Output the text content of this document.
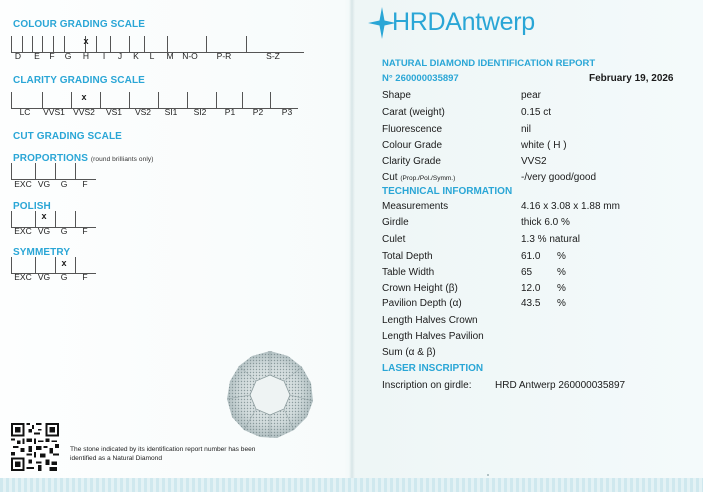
COLOUR GRADING SCALE
x
D E F G H I J K L M N-O P-R	S-Z
CLARITY GRADING SCALE
x
LC VVS1 VVS2 VS1 VS2 SI1 SI2 P1 P2 P3
CUT GRADING SCALE
PROPORTIONS (round brilliants only)
EXC VG G F
POLISH
x
EXC VG G F
SYMMETRY
x
EXC VG G F
The stone indicated by its identification report number has been identified as a Natural Diamond
HRDAntwerp
NATURAL DIAMOND IDENTIFICATION REPORT
N° 260000035897	February 19, 2026
Shape	pear
Carat (weight)	0.15 ct
Fluorescence	nil
Colour Grade	white ( H )
Clarity Grade	VVS2
Cut (Prop./Pol./Symm.)	-/very good/good
TECHNICAL INFORMATION
Measurements	4.16 x 3.08 x 1.88 mm
Girdle	thick 6.0 %
Culet	1.3 % natural
Total Depth	61.0 %
Table Width	65 %
Crown Height (β)	12.0 %
Pavilion Depth (α)	43.5 %
Length Halves Crown
Length Halves Pavilion
Sum (α & β)
LASER INSCRIPTION
Inscription on girdle: HRD Antwerp 260000035897
